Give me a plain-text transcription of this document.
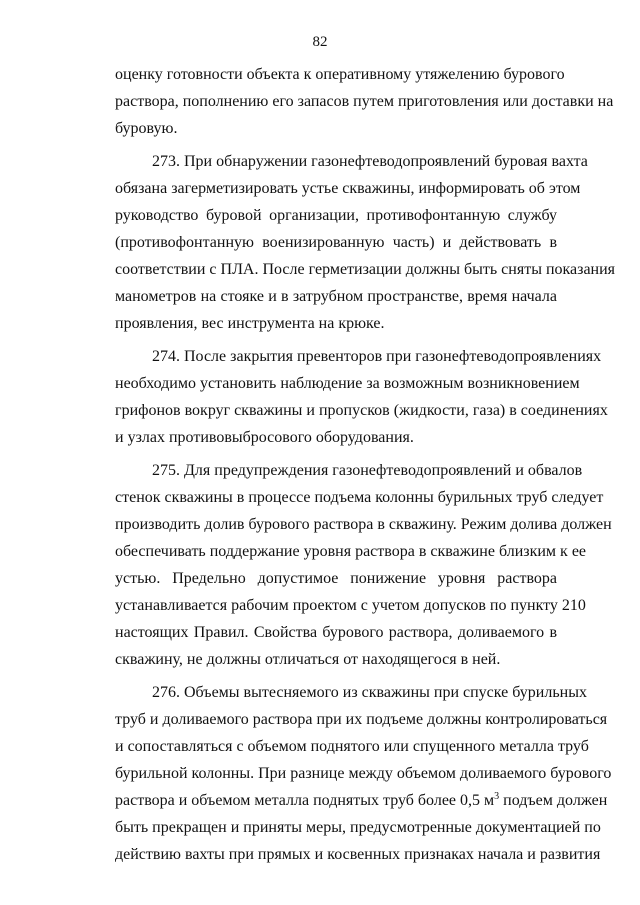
82
оценку готовности объекта к оперативному утяжелению бурового
раствора, пополнению его запасов путем приготовления или доставки на
буровую.
273. При обнаружении газонефтеводопроявлений буровая вахта
обязана загерметизировать устье скважины, информировать об этом
руководство буровой организации, противофонтанную службу
(противофонтанную военизированную часть) и действовать в
соответствии с ПЛА. После герметизации должны быть сняты показания
манометров на стояке и в затрубном пространстве, время начала
проявления, вес инструмента на крюке.
274. После закрытия превенторов при газонефтеводопроявлениях
необходимо установить наблюдение за возможным возникновением
грифонов вокруг скважины и пропусков (жидкости, газа) в соединениях
и узлах противовыбросового оборудования.
275. Для предупреждения газонефтеводопроявлений и обвалов
стенок скважины в процессе подъема колонны бурильных труб следует
производить долив бурового раствора в скважину. Режим долива должен
обеспечивать поддержание уровня раствора в скважине близким к ее
устью. Предельно допустимое понижение уровня раствора
устанавливается рабочим проектом с учетом допусков по пункту 210
настоящих Правил. Свойства бурового раствора, доливаемого в
скважину, не должны отличаться от находящегося в ней.
276. Объемы вытесняемого из скважины при спуске бурильных
труб и доливаемого раствора при их подъеме должны контролироваться
и сопоставляться с объемом поднятого или спущенного металла труб
бурильной колонны. При разнице между объемом доливаемого бурового
раствора и объемом металла поднятых труб более 0,5 $м^3$ подъем должен
быть прекращен и приняты меры, предусмотренные документацией по
действию вахты при прямых и косвенных признаках начала и развития
